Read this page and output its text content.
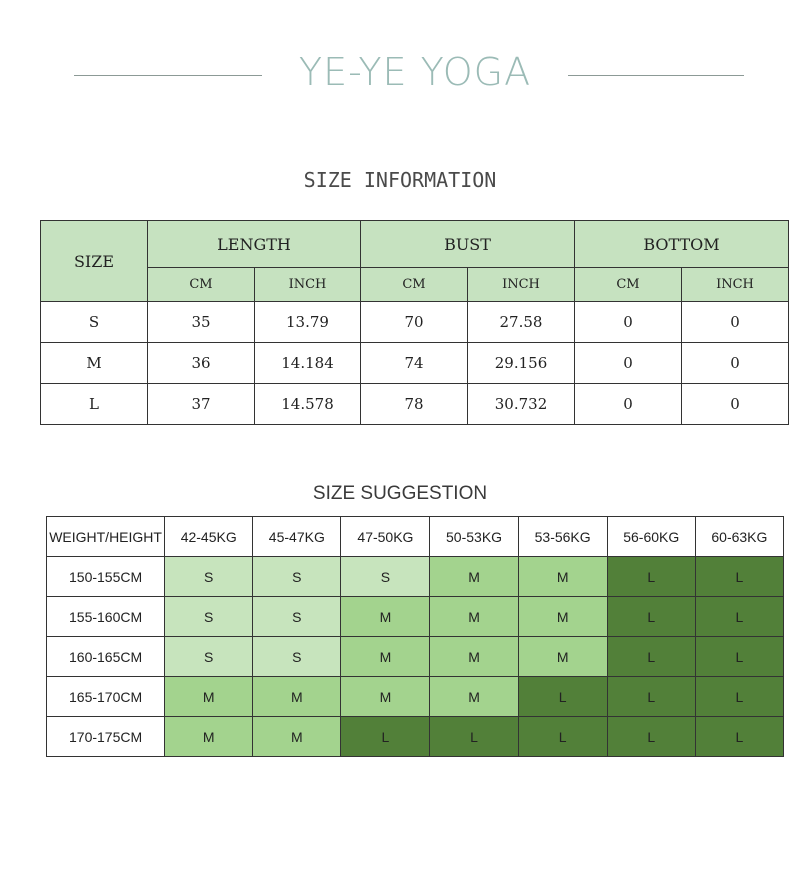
YE-YE YOGA
SIZE INFORMATION
SIZE	LENGTH		BUST		BOTTOM	
	CM	INCH	CM	INCH	CM	INCH
S	35	13.79	70	27.58	0	0
M	36	14.184	74	29.156	0	0
L	37	14.578	78	30.732	0	0
SIZE SUGGESTION
WEIGHT/HEIGHT	42-45KG	45-47KG	47-50KG	50-53KG	53-56KG	56-60KG	60-63KG
150-155CM	S	S	S	M	M	L	L
155-160CM	S	S	M	M	M	L	L
160-165CM	S	S	M	M	M	L	L
165-170CM	M	M	M	M	L	L	L
170-175CM	M	M	L	L	L	L	L
